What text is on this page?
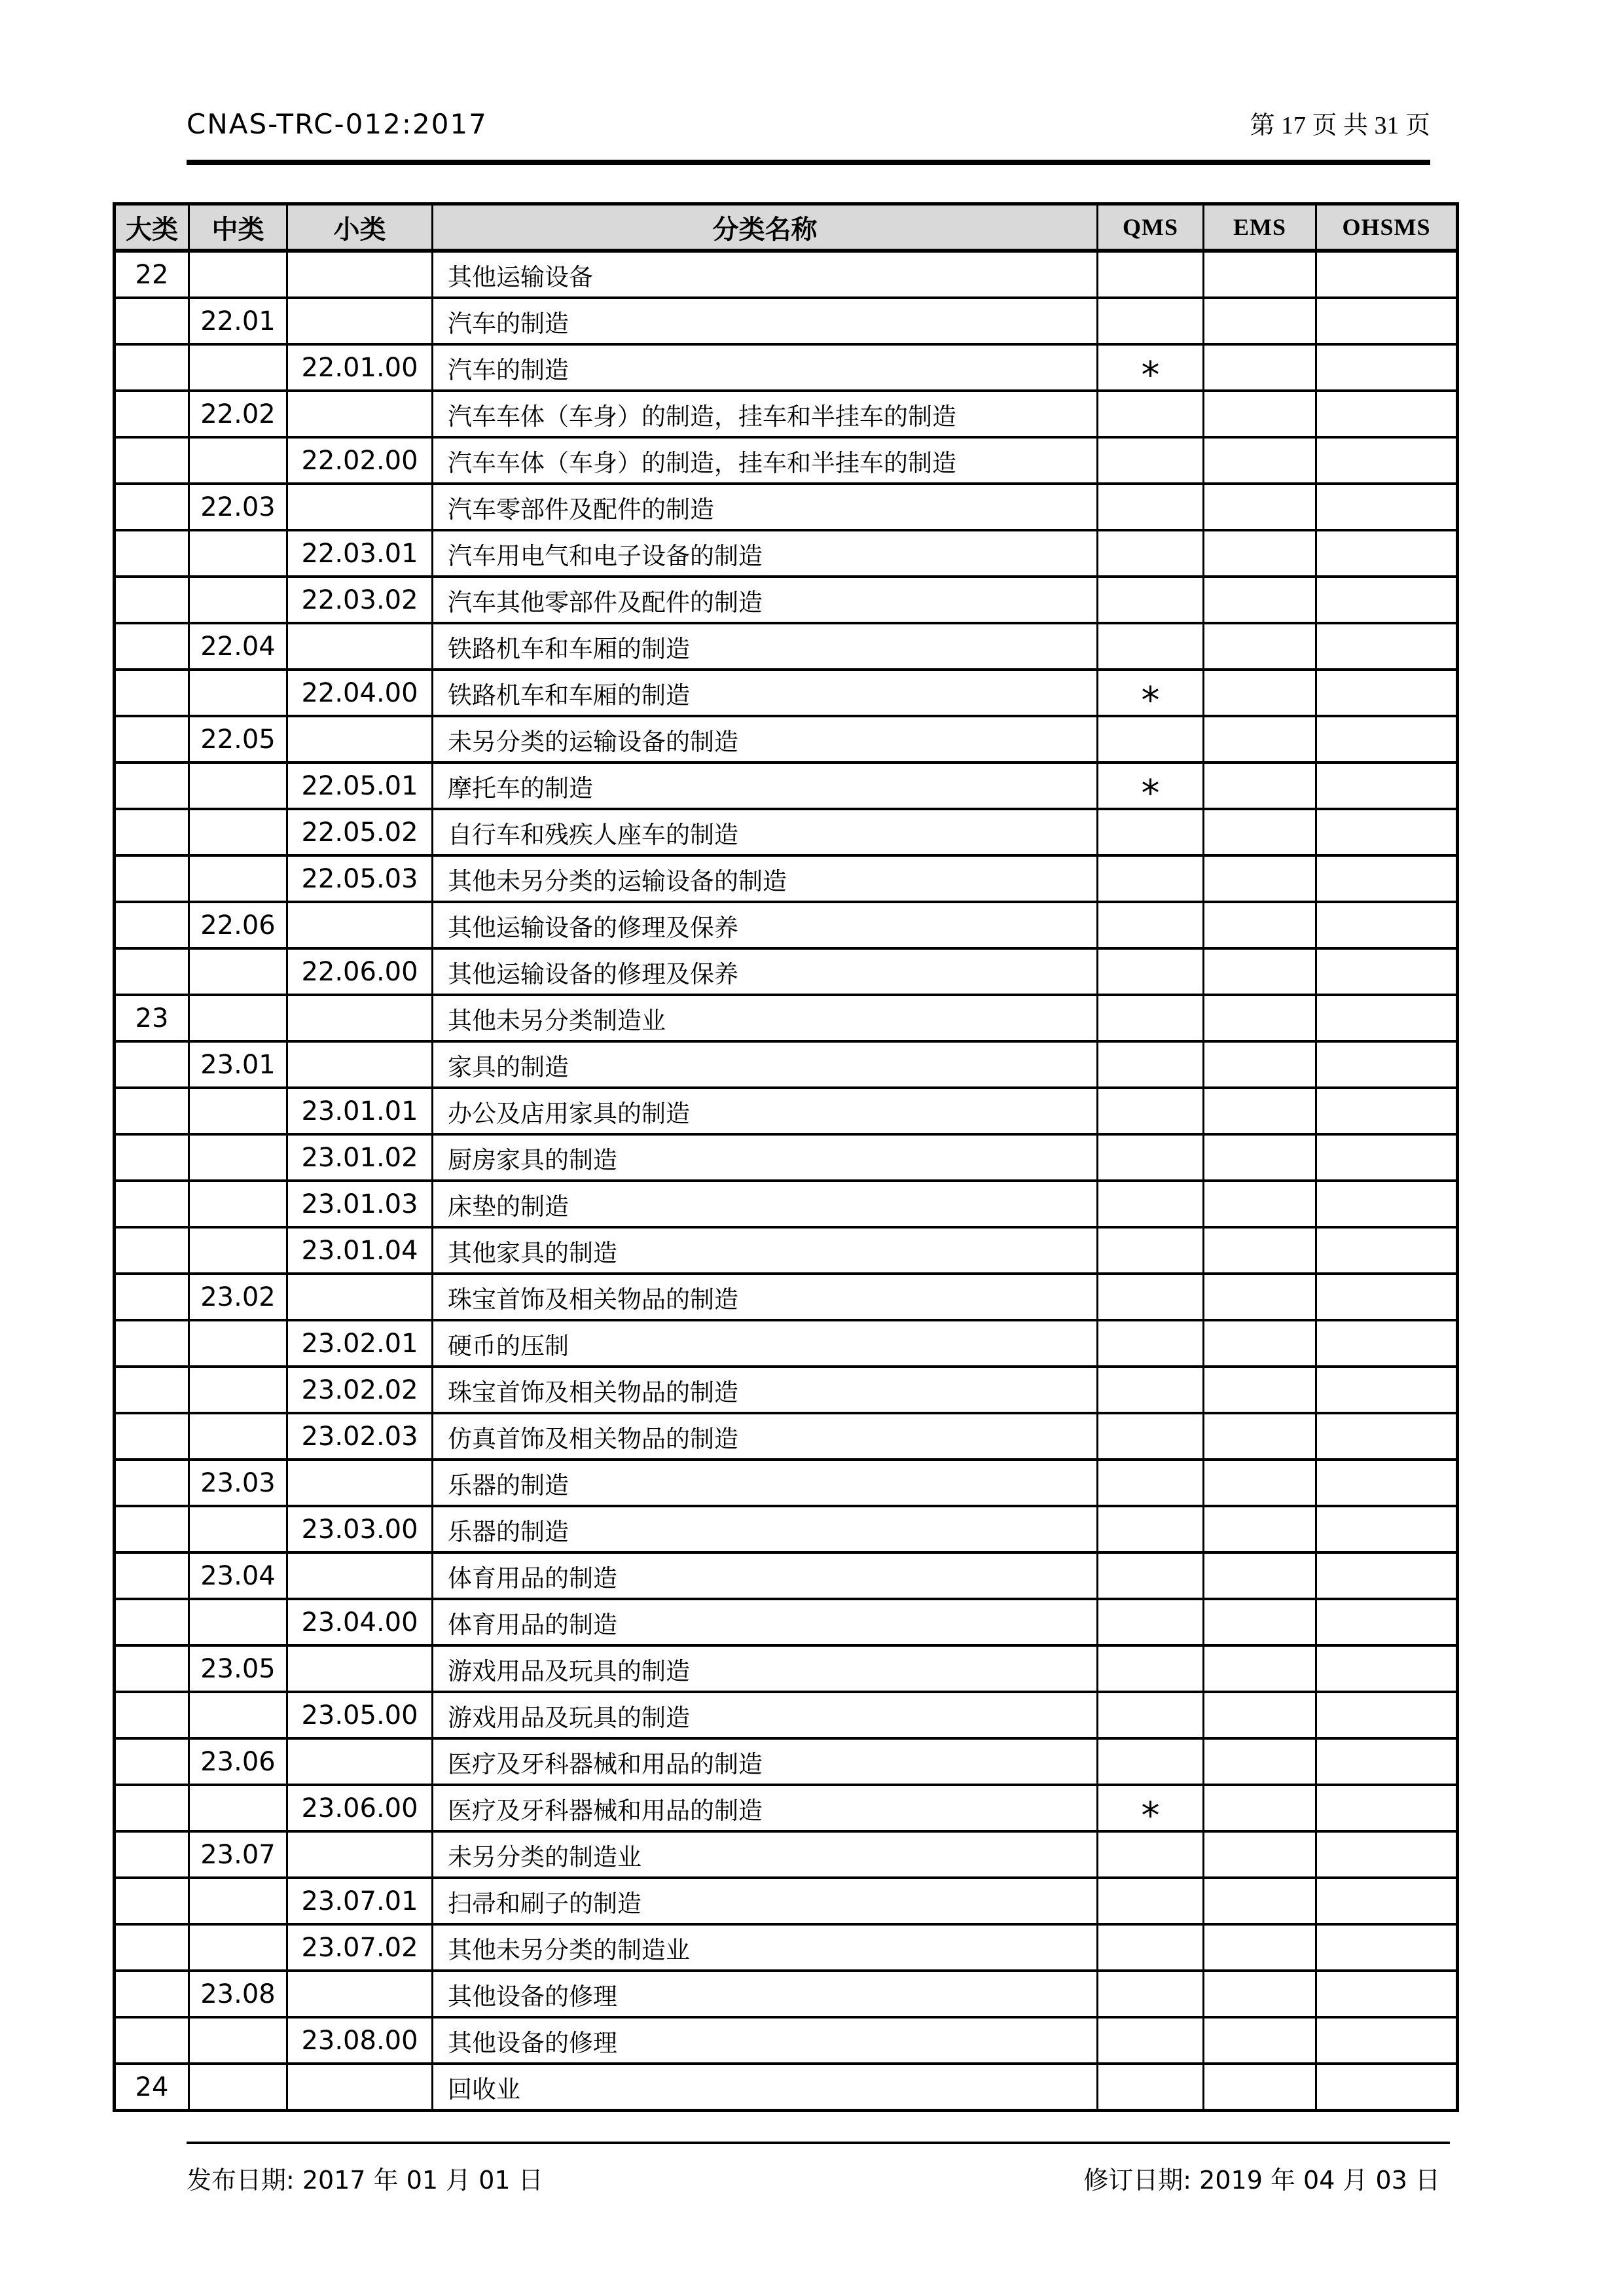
CNAS-TRC-012:2017	第 17 页 共 31 页
大类	中类	小类	分类名称	QMS	EMS	OHSMS
22			其他运输设备			
	22.01		汽车的制造			
		22.01.00	汽车的制造	*		
	22.02		汽车车体（车身）的制造，挂车和半挂车的制造			
		22.02.00	汽车车体（车身）的制造，挂车和半挂车的制造			
	22.03		汽车零部件及配件的制造			
		22.03.01	汽车用电气和电子设备的制造			
		22.03.02	汽车其他零部件及配件的制造			
	22.04		铁路机车和车厢的制造			
		22.04.00	铁路机车和车厢的制造	*		
	22.05		未另分类的运输设备的制造			
		22.05.01	摩托车的制造	*		
		22.05.02	自行车和残疾人座车的制造			
		22.05.03	其他未另分类的运输设备的制造			
	22.06		其他运输设备的修理及保养			
		22.06.00	其他运输设备的修理及保养			
23			其他未另分类制造业			
	23.01		家具的制造			
		23.01.01	办公及店用家具的制造			
		23.01.02	厨房家具的制造			
		23.01.03	床垫的制造			
		23.01.04	其他家具的制造			
	23.02		珠宝首饰及相关物品的制造			
		23.02.01	硬币的压制			
		23.02.02	珠宝首饰及相关物品的制造			
		23.02.03	仿真首饰及相关物品的制造			
	23.03		乐器的制造			
		23.03.00	乐器的制造			
	23.04		体育用品的制造			
		23.04.00	体育用品的制造			
	23.05		游戏用品及玩具的制造			
		23.05.00	游戏用品及玩具的制造			
	23.06		医疗及牙科器械和用品的制造			
		23.06.00	医疗及牙科器械和用品的制造	*		
	23.07		未另分类的制造业			
		23.07.01	扫帚和刷子的制造			
		23.07.02	其他未另分类的制造业			
	23.08		其他设备的修理			
		23.08.00	其他设备的修理			
24			回收业			
发布日期: 2017 年 01 月 01 日	修订日期: 2019 年 04 月 03 日
